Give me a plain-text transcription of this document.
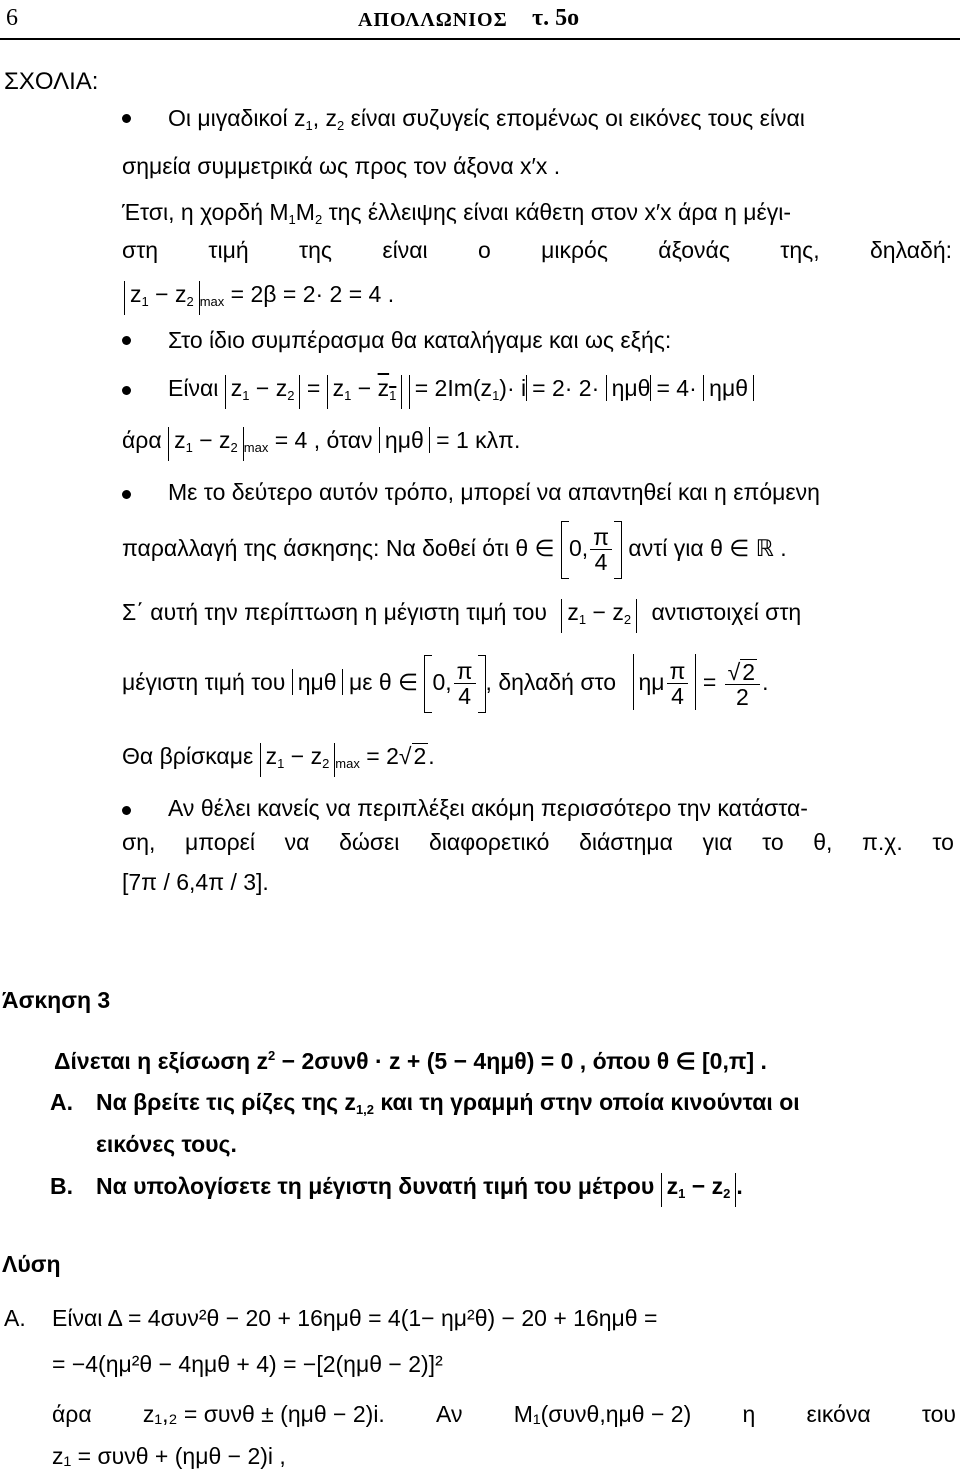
6	ΑΠΟΛΛΩΝΙΟΣ τ. 5ο
ΣΧΟΛΙΑ:
Οι μιγαδικοί $z_1$, $z_2$ είναι συζυγείς επομένως οι εικόνες τους είναι
σημεία συμμετρικά ως προς τον άξονα x′x .
Έτσι, η χορδή $M_1M_2$ της έλλειψης είναι κάθετη στον x′x άρα η μέγι-
στη τιμή της είναι ο μικρός άξονάς της, δηλαδή:
$z_1 - z_2$ $_{max}$ = 2β = 2· 2 = 4 .
Στο ίδιο συμπέρασμα θα καταλήγαμε και ως εξής:
Είναι $z_1 - z_2 = z_1 - z_1 = 2Im(z_1)\cdot i = 2\cdot 2\cdot \eta\mu\theta = 4\cdot \eta\mu\theta$
άρα $z_1 - z_2$ $_{max}$ = 4 , όταν ημθ = 1 κλπ.
Με το δεύτερο αυτόν τρόπο, μπορεί να απαντηθεί και η επόμενη
παραλλαγή της άσκησης: Να δοθεί ότι θ ∈ 0, $\frac{\pi}{4}$ αντί για θ ∈ ℝ .
Σ΄ αυτή την περίπτωση η μέγιστη τιμή του $z_1 - z_2$ αντιστοιχεί στη
μέγιστη τιμή του ημθ με θ ∈ 0, $\frac{\pi}{4}$ , δηλαδή στο ημ $\frac{\pi}{4} = \frac{√2}{2}$ .
Θα βρίσκαμε $z_1 - z_2$ $_{max}$ = 2√2.
Αν θέλει κανείς να περιπλέξει ακόμη περισσότερο την κατάστα-
ση, μπορεί να δώσει διαφορετικό διάστημα για το θ, π.χ. το
[7π / 6,4π / 3].
Άσκηση 3
Δίνεται η εξίσωση $z^2 - 2\sigma\upsilon\nu\theta \cdot z + (5 - 4\eta\mu\theta) = 0$ , όπου θ ∈ [0,π] .
Α. Να βρείτε τις ρίζες της $z_{1,2}$ και τη γραμμή στην οποία κινούνται οι
εικόνες τους.
Β. Να υπολογίσετε τη μέγιστη δυνατή τιμή του μέτρου $z_1 - z_2$ .
Λύση
Α. Είναι Δ = 4συν²θ − 20 + 16ημθ = 4(1− ημ²θ) − 20 + 16ημθ =
= −4(ημ²θ − 4ημθ + 4) = −[2(ημθ − 2)]²
άρα z₁,₂ = συνθ ± (ημθ − 2)i. Αν M₁(συνθ,ημθ − 2) η εικόνα του
z₁ = συνθ + (ημθ − 2)i ,
